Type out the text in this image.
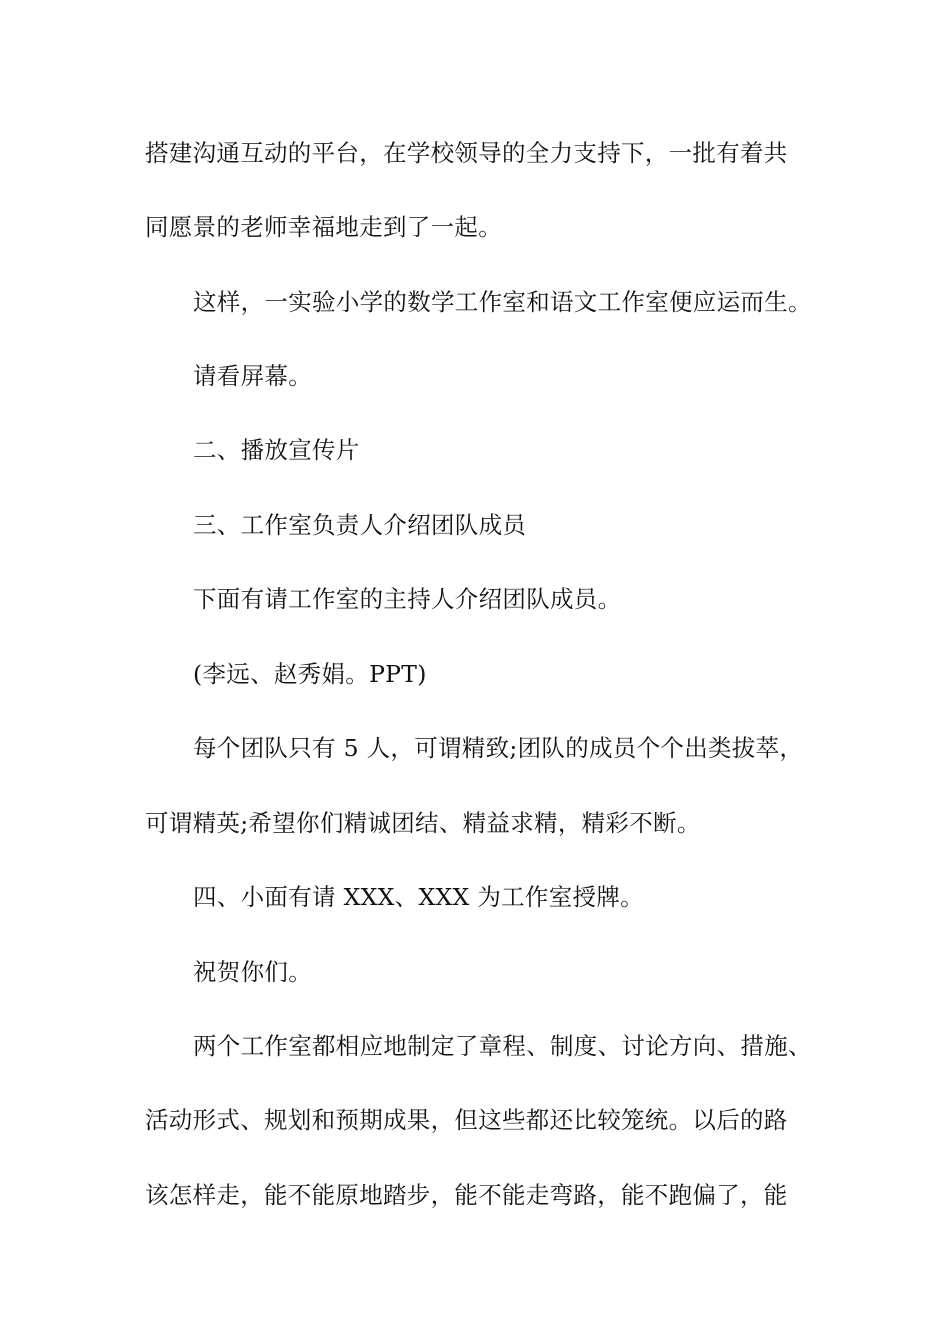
搭建沟通互动的平台，在学校领导的全力支持下，一批有着共
同愿景的老师幸福地走到了一起。
这样，一实验小学的数学工作室和语文工作室便应运而生。
请看屏幕。
二、播放宣传片
三、工作室负责人介绍团队成员
下面有请工作室的主持人介绍团队成员。
(李远、赵秀娟。PPT)
每个团队只有 5 人，可谓精致;团队的成员个个出类拔萃，
可谓精英;希望你们精诚团结、精益求精，精彩不断。
四、小面有请 XXX、XXX 为工作室授牌。
祝贺你们。
两个工作室都相应地制定了章程、制度、讨论方向、措施、
活动形式、规划和预期成果，但这些都还比较笼统。以后的路
该怎样走，能不能原地踏步，能不能走弯路，能不跑偏了，能
